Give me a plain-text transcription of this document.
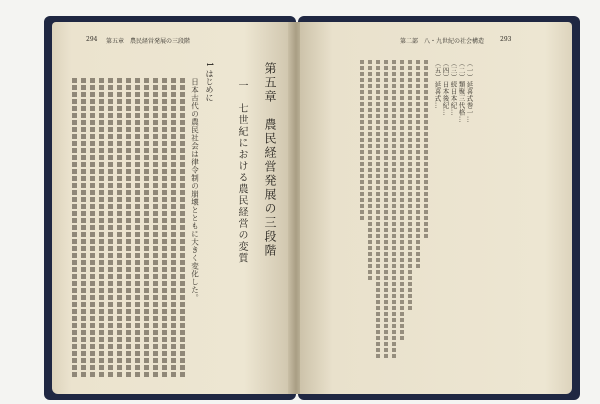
294 第五章　農民経営発展の三段階
第五章　農民経営発展の三段階
一　七世紀における農民経営の変質
1 はじめに
日本古代の農民社会は律令制の崩壊とともに大きく変化した。
第二部　八・九世紀の社会構造	293
（一）延喜式巻一…
（二）類聚三代格…
（三）続日本紀…
（四）日本後紀…
（五）延喜式…
